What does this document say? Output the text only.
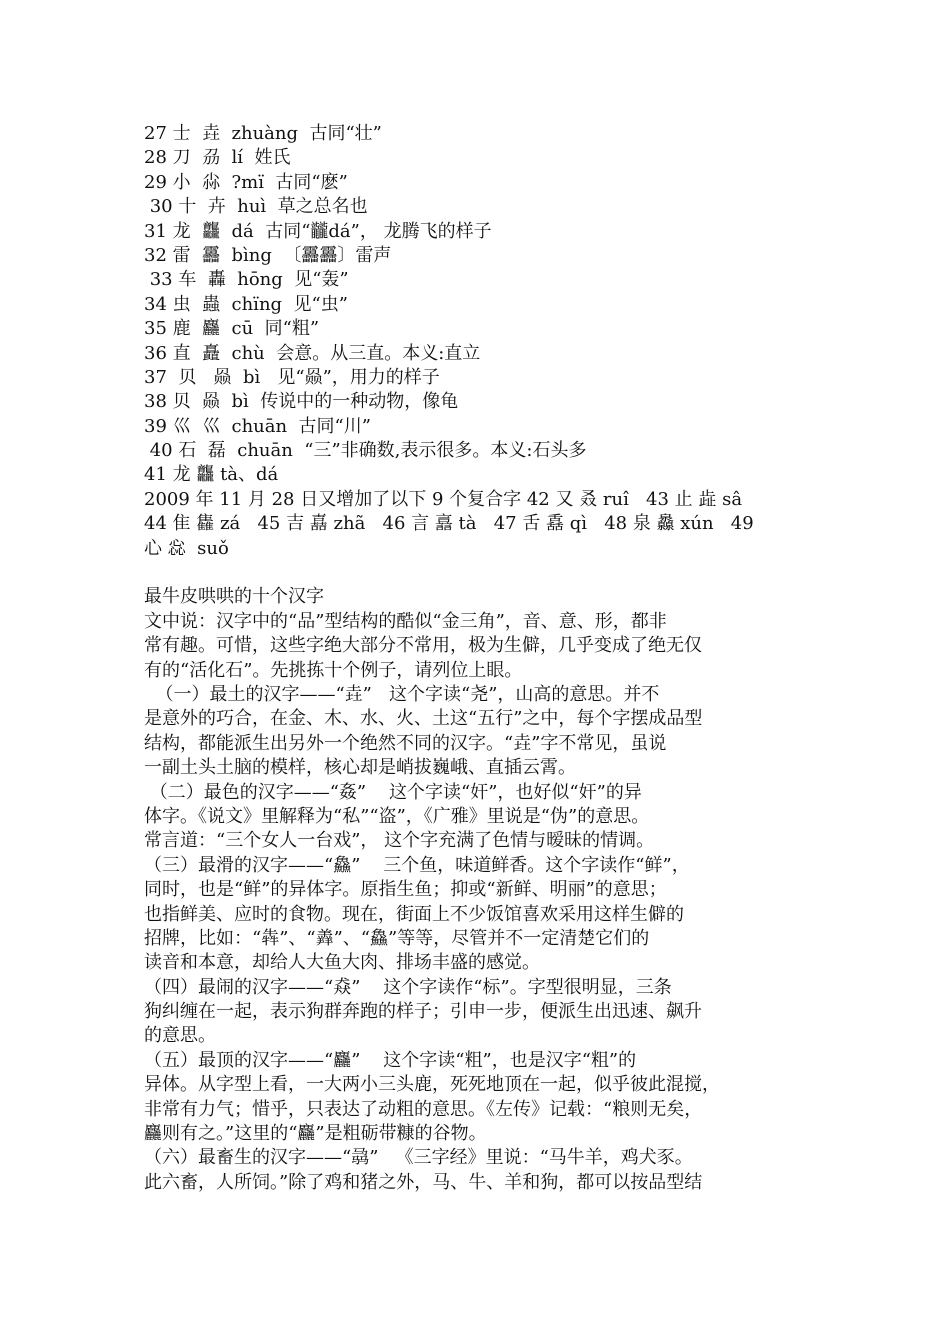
27 士  垚  zhuàng  古同“壮”
28 刀  刕  lí  姓氏
29 小  尛  ?mï  古同“麽”
30 十  卉  huì  草之总名也
31 龙  龘  dá  古同“龖dá”， 龙腾飞的样子
32 雷  靐  bìng  〔靐靐〕雷声
33 车  轟  hōng  见“轰”
34 虫  蟲  chïng  见“虫”
35 鹿  麤  cū  同“粗”
36 直  矗  chù  会意。从三直。本义:直立
37  贝   赑  bì   见“赑”，用力的样子
38 贝  赑  bì  传说中的一种动物，像龟
39 巛  巛  chuān  古同“川”
40 石  磊  chuān  “三”非确数,表示很多。本义:石头多
41 龙 龘 tà、dá
2009 年 11 月 28 日又增加了以下 9 个复合字 42 又 叒 ruî   43 止 歮 sâ
44 隹 雥 zá   45 吉 嚞 zhã   46 言 譶 tà   47 舌 舙 qì   48 泉 灥 xún   49
心 惢  suǒ
最牛皮哄哄的十个汉字
文中说：汉字中的“品”型结构的酷似“金三角”，音、意、形，都非
常有趣。可惜，这些字绝大部分不常用，极为生僻，几乎变成了绝无仅
有的“活化石”。先挑拣十个例子，请列位上眼。
（一）最土的汉字——“垚”   这个字读“尧”，山高的意思。并不
是意外的巧合，在金、木、水、火、土这“五行”之中，每个字摆成品型
结构，都能派生出另外一个绝然不同的汉字。“垚”字不常见，虽说
一副土头土脑的模样，核心却是峭拔巍峨、直插云霄。
（二）最色的汉字——“姦”    这个字读“奸”，也好似“奸”的异
体字。《说文》里解释为“私”“盗”，《广雅》里说是“伪”的意思。
常言道：“三个女人一台戏”， 这个字充满了色情与暧昧的情调。
（三）最滑的汉字——“鱻”    三个鱼，味道鲜香。这个字读作“鲜”，
同时，也是“鲜”的异体字。原指生鱼；抑或“新鲜、明丽”的意思；
也指鲜美、应时的食物。现在，街面上不少饭馆喜欢采用这样生僻的
招牌，比如：“犇”、“羴”、“鱻”等等，尽管并不一定清楚它们的
读音和本意，却给人大鱼大肉、排场丰盛的感觉。
（四）最闹的汉字——“猋”    这个字读作“标”。字型很明显，三条
狗纠缠在一起，表示狗群奔跑的样子；引申一步，便派生出迅速、飙升
的意思。
（五）最顶的汉字——“麤”    这个字读“粗”，也是汉字“粗”的
异体。从字型上看，一大两小三头鹿，死死地顶在一起，似乎彼此混搅，
非常有力气；惜乎，只表达了动粗的意思。《左传》记载：“粮则无矣，
麤则有之。”这里的“麤”是粗砺带糠的谷物。
（六）最畜生的汉字——“骉”   《三字经》里说：“马牛羊，鸡犬豕。
此六畜，人所饲。”除了鸡和猪之外，马、牛、羊和狗，都可以按品型结
